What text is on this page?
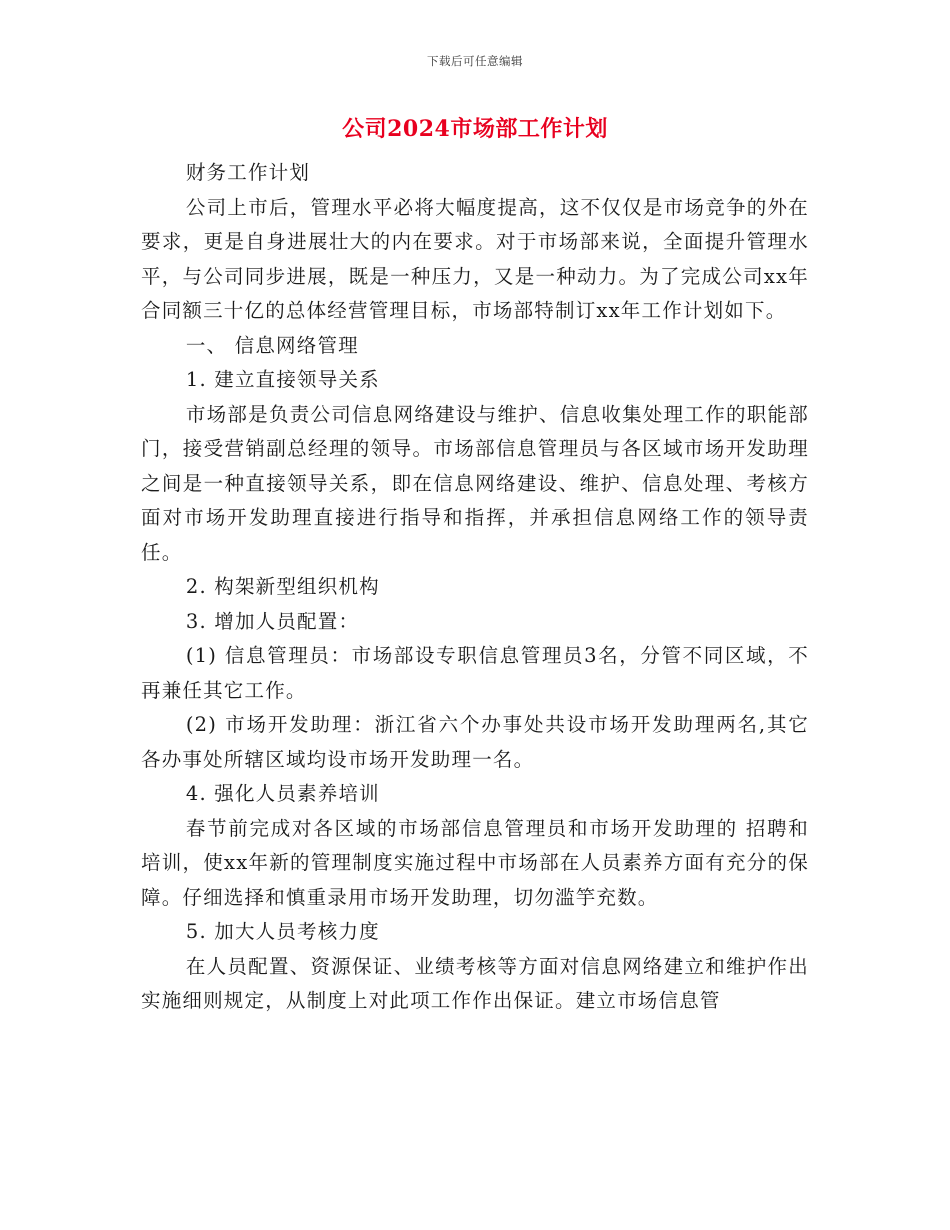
下载后可任意编辑
公司2024市场部工作计划

财务工作计划

公司上市后，管理水平必将大幅度提高，这不仅仅是市场竞争的外在要求，更是自身进展壮大的内在要求。对于市场部来说，全面提升管理水平，与公司同步进展，既是一种压力，又是一种动力。为了完成公司xx年合同额三十亿的总体经营管理目标，市场部特制订xx年工作计划如下。

一、 信息网络管理

1. 建立直接领导关系

市场部是负责公司信息网络建设与维护、信息收集处理工作的职能部门，接受营销副总经理的领导。市场部信息管理员与各区域市场开发助理之间是一种直接领导关系，即在信息网络建设、维护、信息处理、考核方面对市场开发助理直接进行指导和指挥，并承担信息网络工作的领导责任。

2. 构架新型组织机构

3. 增加人员配置：

(1) 信息管理员：市场部设专职信息管理员3名，分管不同区域，不再兼任其它工作。

(2) 市场开发助理：浙江省六个办事处共设市场开发助理两名,其它各办事处所辖区域均设市场开发助理一名。

4. 强化人员素养培训

春节前完成对各区域的市场部信息管理员和市场开发助理的 招聘和培训，使xx年新的管理制度实施过程中市场部在人员素养方面有充分的保障。仔细选择和慎重录用市场开发助理，切勿滥竽充数。

5. 加大人员考核力度

在人员配置、资源保证、业绩考核等方面对信息网络建立和维护作出实施细则规定，从制度上对此项工作作出保证。建立市场信息管
